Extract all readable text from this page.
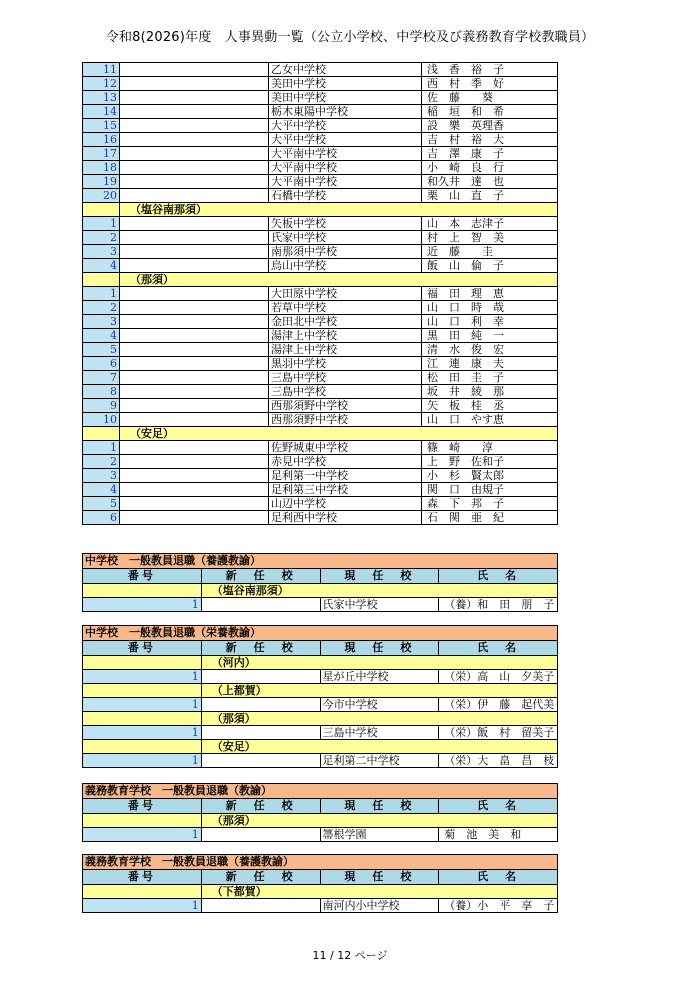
令和8(2026)年度　人事異動一覧（公立小学校、中学校及び義務教育学校教職員）
11		乙女中学校	浅　香　裕　子
12		美田中学校	西　村　季　好
13		美田中学校	佐　藤　　葵
14		栃木東陽中学校	稲　垣　和　希
15		大平中学校	設　樂　英理香
16		大平中学校	吉　村　裕　大
17		大平南中学校	吉　澤　康　子
18		大平南中学校	小　崎　良　行
19		大平南中学校	和久井　達　也
20		石橋中学校	栗　山　直　子
	（塩谷南那須）		
1		矢板中学校	山　本　志津子
2		氏家中学校	村　上　智　美
3		南那須中学校	近　藤　　圭
4		烏山中学校	飯　山　倫　子
	（那須）		
1		大田原中学校	福　田　理　恵
2		若草中学校	山　口　時　哉
3		金田北中学校	山　口　利　幸
4		湯津上中学校	黒　田　純　一
5		湯津上中学校	清　水　俊　宏
6		黒羽中学校	江　連　康　夫
7		三島中学校	松　田　圭　子
8		三島中学校	坂　井　綾　那
9		西那須野中学校	矢　板　桂　丞
10		西那須野中学校	山　口　やす恵
	（安足）		
1		佐野城東中学校	篠　崎　　淳
2		赤見中学校	上　野　佐和子
3		足利第一中学校	小　杉　賢太郎
4		足利第三中学校	関　口　由規子
5		山辺中学校	森　下　邦　子
6		足利西中学校	石　関　亜　紀
中学校　一般教員退職（養護教諭）			
番号	新　任　校	現　任　校	氏　名
	（塩谷南那須）		
1		氏家中学校	（養）和　田　朋　子
中学校　一般教員退職（栄養教諭）			
番号	新　任　校	現　任　校	氏　名
	（河内）		
1		星が丘中学校	（栄）高　山　夕美子
	（上都賀）		
1		今市中学校	（栄）伊　藤　起代美
	（那須）		
1		三島中学校	（栄）飯　村　留美子
	（安足）		
1		足利第二中学校	（栄）大　畠　昌　枝
義務教育学校　一般教員退職（教諭）			
番号	新　任　校	現　任　校	氏　名
	（那須）		
1		箒根学園	菊　池　美　和
義務教育学校　一般教員退職（養護教諭）			
番号	新　任　校	現　任　校	氏　名
	（下都賀）		
1		南河内小中学校	（養）小　平　享　子
11 / 12 ページ
